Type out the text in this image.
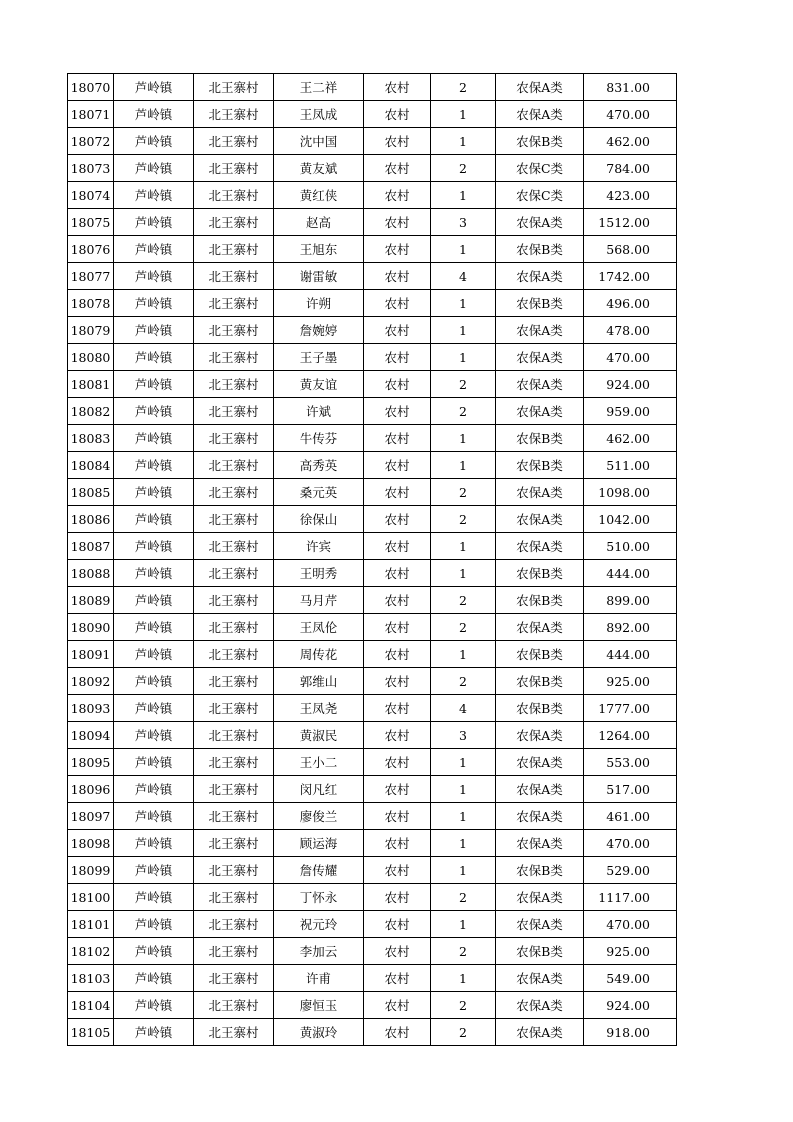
18070	芦岭镇	北王寨村	王二祥	农村	2	农保A类	831.00
18071	芦岭镇	北王寨村	王凤成	农村	1	农保A类	470.00
18072	芦岭镇	北王寨村	沈中国	农村	1	农保B类	462.00
18073	芦岭镇	北王寨村	黄友斌	农村	2	农保C类	784.00
18074	芦岭镇	北王寨村	黄红侠	农村	1	农保C类	423.00
18075	芦岭镇	北王寨村	赵高	农村	3	农保A类	1512.00
18076	芦岭镇	北王寨村	王旭东	农村	1	农保B类	568.00
18077	芦岭镇	北王寨村	谢雷敏	农村	4	农保A类	1742.00
18078	芦岭镇	北王寨村	许朔	农村	1	农保B类	496.00
18079	芦岭镇	北王寨村	詹婉婷	农村	1	农保A类	478.00
18080	芦岭镇	北王寨村	王子墨	农村	1	农保A类	470.00
18081	芦岭镇	北王寨村	黄友谊	农村	2	农保A类	924.00
18082	芦岭镇	北王寨村	许斌	农村	2	农保A类	959.00
18083	芦岭镇	北王寨村	牛传芬	农村	1	农保B类	462.00
18084	芦岭镇	北王寨村	高秀英	农村	1	农保B类	511.00
18085	芦岭镇	北王寨村	桑元英	农村	2	农保A类	1098.00
18086	芦岭镇	北王寨村	徐保山	农村	2	农保A类	1042.00
18087	芦岭镇	北王寨村	许宾	农村	1	农保A类	510.00
18088	芦岭镇	北王寨村	王明秀	农村	1	农保B类	444.00
18089	芦岭镇	北王寨村	马月芹	农村	2	农保B类	899.00
18090	芦岭镇	北王寨村	王凤伦	农村	2	农保A类	892.00
18091	芦岭镇	北王寨村	周传花	农村	1	农保B类	444.00
18092	芦岭镇	北王寨村	郭维山	农村	2	农保B类	925.00
18093	芦岭镇	北王寨村	王凤尧	农村	4	农保B类	1777.00
18094	芦岭镇	北王寨村	黄淑民	农村	3	农保A类	1264.00
18095	芦岭镇	北王寨村	王小二	农村	1	农保A类	553.00
18096	芦岭镇	北王寨村	闵凡红	农村	1	农保A类	517.00
18097	芦岭镇	北王寨村	廖俊兰	农村	1	农保A类	461.00
18098	芦岭镇	北王寨村	顾运海	农村	1	农保A类	470.00
18099	芦岭镇	北王寨村	詹传耀	农村	1	农保B类	529.00
18100	芦岭镇	北王寨村	丁怀永	农村	2	农保A类	1117.00
18101	芦岭镇	北王寨村	祝元玲	农村	1	农保A类	470.00
18102	芦岭镇	北王寨村	李加云	农村	2	农保B类	925.00
18103	芦岭镇	北王寨村	许甫	农村	1	农保A类	549.00
18104	芦岭镇	北王寨村	廖恒玉	农村	2	农保A类	924.00
18105	芦岭镇	北王寨村	黄淑玲	农村	2	农保A类	918.00
